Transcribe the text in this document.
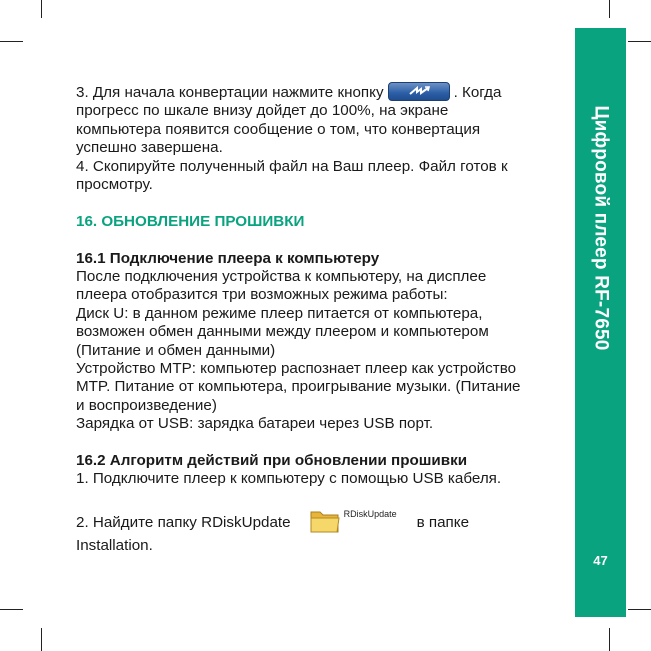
Цифровой плеер RF-7650
47

3. Для начала конвертации нажмите кнопку	. Когда

прогресс по шкале внизу дойдет до 100%, на экране

компьютера появится сообщение о том, что конвертация

успешно завершена.

4. Скопируйте полученный файл на Ваш плеер. Файл готов к

просмотру.

16. ОБНОВЛЕНИЕ ПРОШИВКИ

16.1 Подключение плеера к компьютеру

После подключения устройства к компьютеру, на дисплее

плеера отобразится три возможных режима работы:

Диск U: в данном режиме плеер питается от компьютера,

возможен обмен данными между плеером и компьютером

(Питание и обмен данными)

Устройство MTP: компьютер распознает плеер как устройство

MTP. Питание от компьютера, проигрывание музыки. (Питание

и воспроизведение)

Зарядка от USB: зарядка батареи через USB порт.

16.2 Алгоритм действий при обновлении прошивки

1. Подключите плеер к компьютеру с помощью USB кабеля.

2. Найдите папку RDiskUpdate	RDiskUpdate в папке

Installation.
